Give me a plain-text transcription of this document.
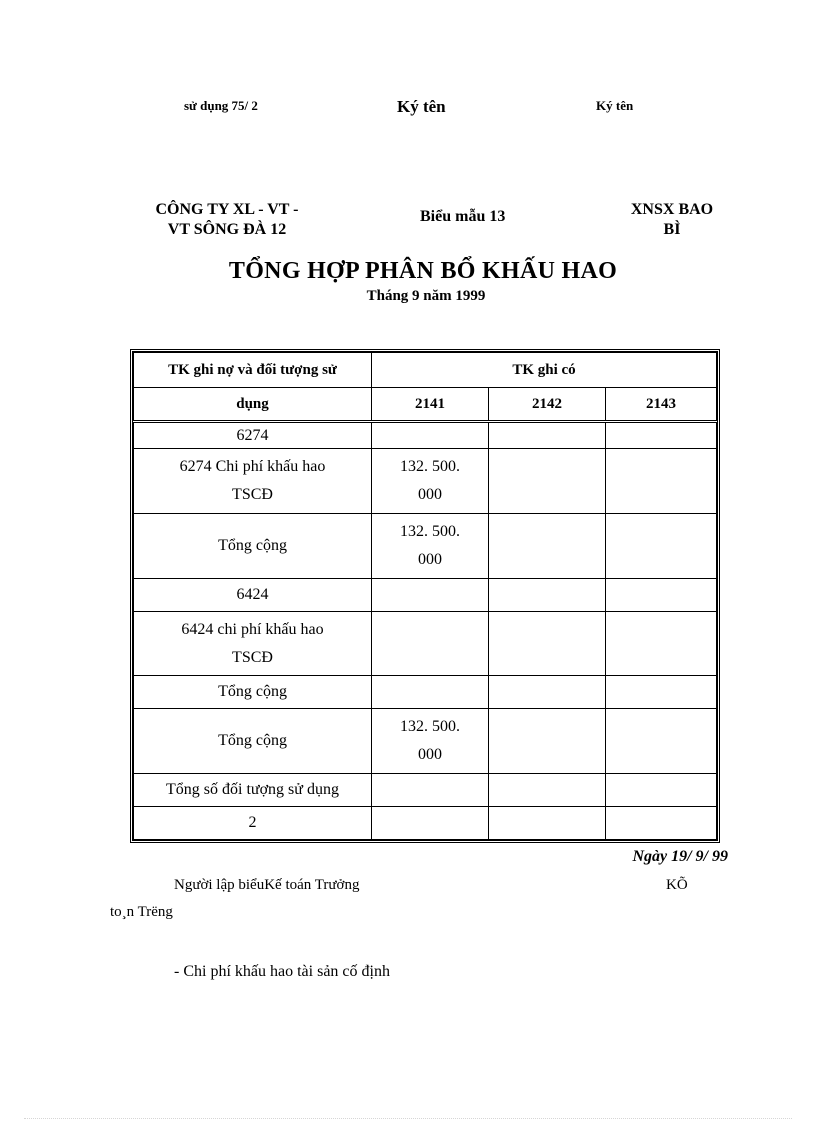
sử dụng 75/ 2	Ký tên	Ký tên
CÔNG TY XL - VT -
VT SÔNG ĐÀ 12
Biểu mẫu 13	XNSX BAO
BÌ
TỔNG HỢP PHÂN BỔ KHẤU HAO
Tháng 9 năm 1999
TK ghi nợ và đối tượng sử	TK ghi có		
dụng	2141	2142	2143
6274			
6274 Chi phí khấu hao TSCĐ	132. 500. 000		
Tổng cộng	132. 500. 000		
6424			
6424 chi phí khấu hao TSCĐ			
Tổng cộng			
Tổng cộng	132. 500. 000		
Tổng số đối tượng sử dụng			
2			
Ngày 19/ 9/ 99
Người lập biểuKế toán Trưởng	KÕ
to¸n Trëng
- Chi phí khấu hao tài sản cố định
